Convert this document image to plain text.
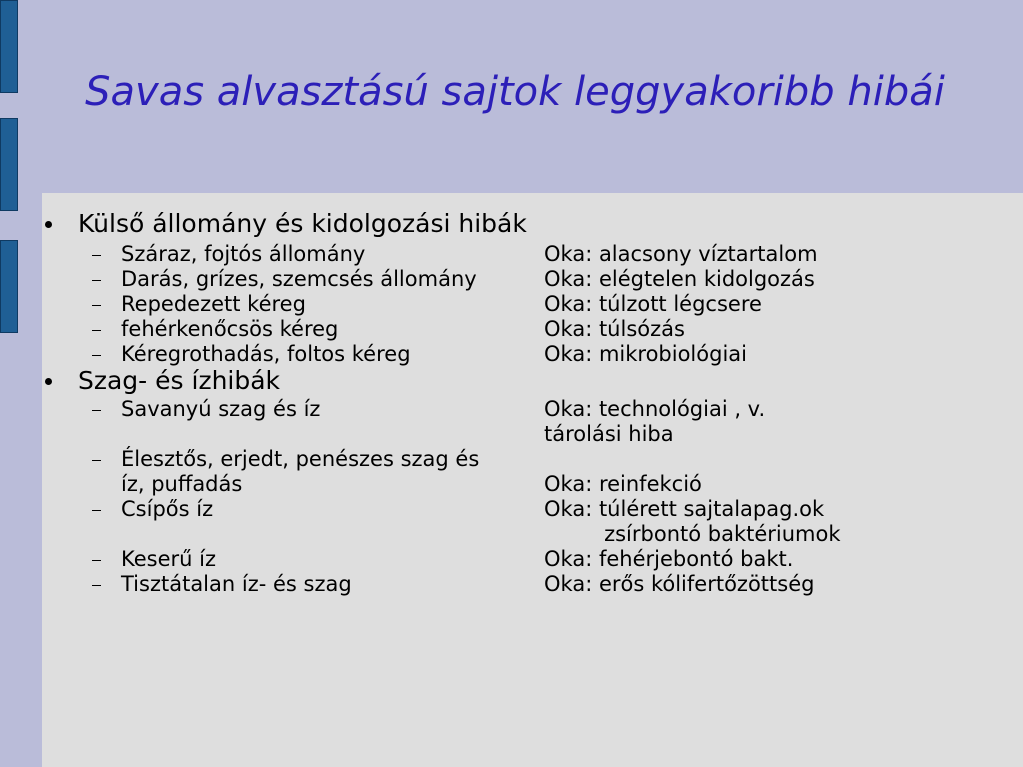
Savas alvasztású sajtok leggyakoribb hibái
Külső állomány és kidolgozási hibák
Száraz, fojtós állomány	Oka: alacsony víztartalom
Darás, grízes, szemcsés állomány	Oka: elégtelen kidolgozás
Repedezett kéreg	Oka: túlzott légcsere
fehérkenőcsös kéreg	Oka: túlsózás
Kéregrothadás, foltos kéreg	Oka: mikrobiológiai
Szag- és ízhibák
Savanyú szag és íz	Oka: technológiai , v.
tárolási hiba
Élesztős, erjedt, penészes szag és
íz, puffadás	
Oka: reinfekció
Csípős íz	Oka: túlérett sajtalapag.ok
zsírbontó baktériumok
Keserű íz	Oka: fehérjebontó bakt.
Tisztátalan íz- és szag	Oka: erős kólifertőzöttség
